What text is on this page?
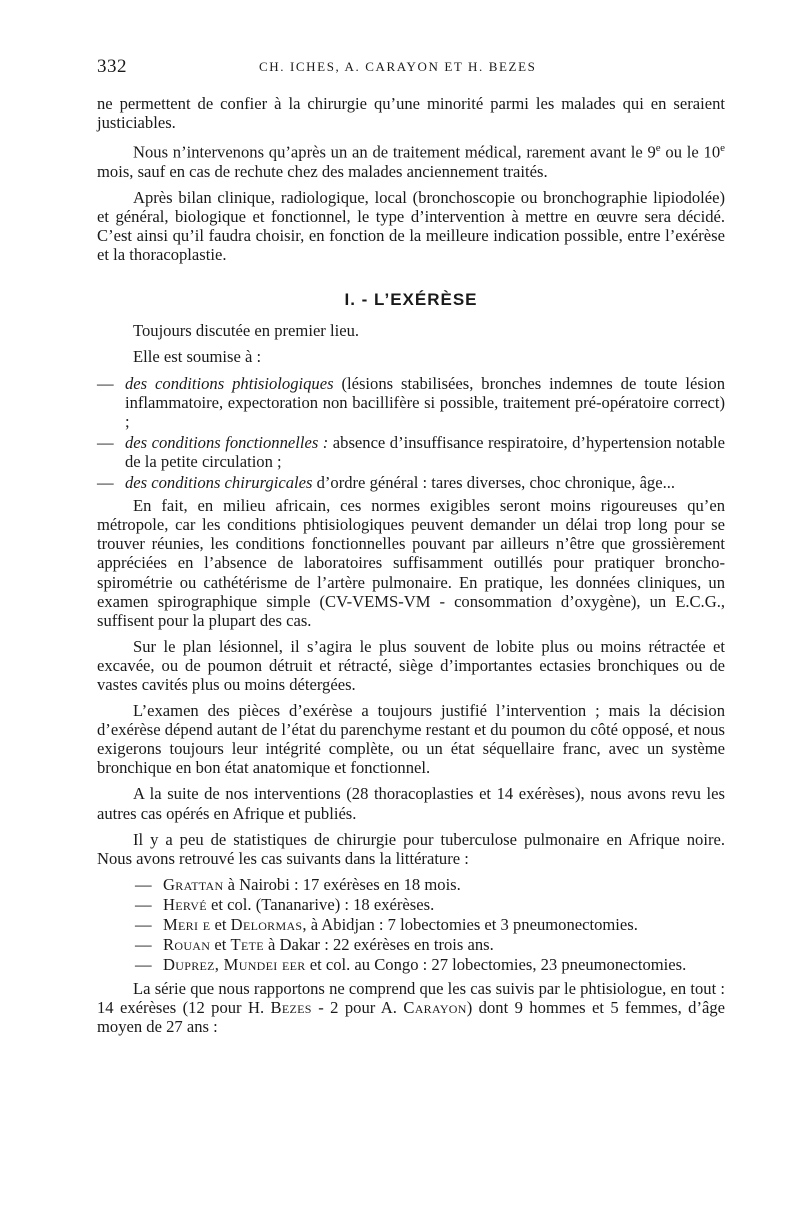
332	CH. ICHES, A. CARAYON ET H. BEZES

ne permettent de confier à la chirurgie qu’une minorité parmi les malades qui en seraient justiciables.

Nous n’intervenons qu’après un an de traitement médical, rarement avant le 9e ou le 10e mois, sauf en cas de rechute chez des malades anciennement traités.

Après bilan clinique, radiologique, local (bronchoscopie ou bronchographie lipiodolée) et général, biologique et fonctionnel, le type d’intervention à mettre en œuvre sera décidé. C’est ainsi qu’il faudra choisir, en fonction de la meilleure indication possible, entre l’exérèse et la thoracoplastie.

I. - L’EXÉRÈSE

Toujours discutée en premier lieu.

Elle est soumise à :

— des conditions phtisiologiques (lésions stabilisées, bronches indemnes de toute lésion inflammatoire, expectoration non bacillifère si possible, traitement pré-opératoire correct) ;
— des conditions fonctionnelles : absence d’insuffisance respiratoire, d’hypertension notable de la petite circulation ;
— des conditions chirurgicales d’ordre général : tares diverses, choc chronique, âge...

En fait, en milieu africain, ces normes exigibles seront moins rigoureuses qu’en métropole, car les conditions phtisiologiques peuvent demander un délai trop long pour se trouver réunies, les conditions fonctionnelles pouvant par ailleurs n’être que grossièrement appréciées en l’absence de laboratoires suffisamment outillés pour pratiquer broncho-spirométrie ou cathétérisme de l’artère pulmonaire. En pratique, les données cliniques, un examen spirographique simple (CV-VEMS-VM - consommation d’oxygène), un E.C.G., suffisent pour la plupart des cas.

Sur le plan lésionnel, il s’agira le plus souvent de lobite plus ou moins rétractée et excavée, ou de poumon détruit et rétracté, siège d’importantes ectasies bronchiques ou de vastes cavités plus ou moins détergées.

L’examen des pièces d’exérèse a toujours justifié l’intervention ; mais la décision d’exérèse dépend autant de l’état du parenchyme restant et du poumon du côté opposé, et nous exigerons toujours leur intégrité complète, ou un état séquellaire franc, avec un système bronchique en bon état anatomique et fonctionnel.

A la suite de nos interventions (28 thoracoplasties et 14 exérèses), nous avons revu les autres cas opérés en Afrique et publiés.

Il y a peu de statistiques de chirurgie pour tuberculose pulmonaire en Afrique noire. Nous avons retrouvé les cas suivants dans la littérature :

— Grattan à Nairobi : 17 exérèses en 18 mois.
— Hervé et col. (Tananarive) : 18 exérèses.
— Meri e et Delormas, à Abidjan : 7 lobectomies et 3 pneumonectomies.
— Rouan et Tete à Dakar : 22 exérèses en trois ans.
— Duprez, Mundei eer et col. au Congo : 27 lobectomies, 23 pneumonectomies.

La série que nous rapportons ne comprend que les cas suivis par le phtisiologue, en tout : 14 exérèses (12 pour H. Bezes - 2 pour A. Carayon) dont 9 hommes et 5 femmes, d’âge moyen de 27 ans :
